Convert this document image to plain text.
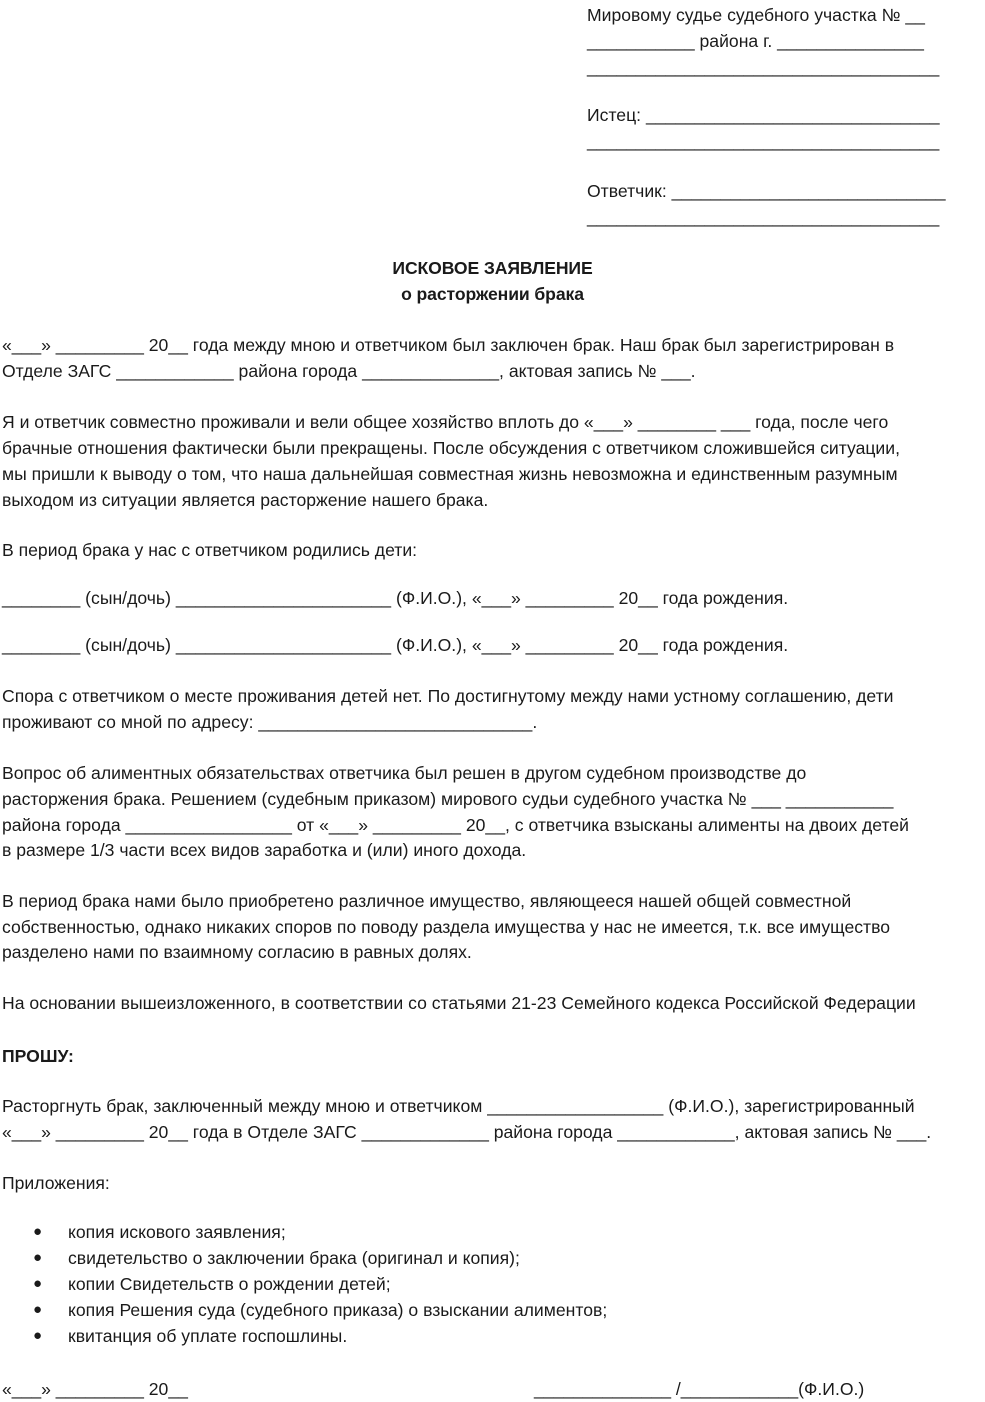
Мировому судье судебного участка № __
___________ района г. _______________
____________________________________
Истец: ______________________________
____________________________________
Ответчик: ____________________________
____________________________________
ИСКОВОЕ ЗАЯВЛЕНИЕ
о расторжении брака
«___» _________ 20__ года между мною и ответчиком был заключен брак. Наш брак был зарегистрирован в
Отделе ЗАГС ____________ района города ______________, актовая запись № ___.
Я и ответчик совместно проживали и вели общее хозяйство вплоть до «___» ________ ___ года, после чего
брачные отношения фактически были прекращены. После обсуждения с ответчиком сложившейся ситуации,
мы пришли к выводу о том, что наша дальнейшая совместная жизнь невозможна и единственным разумным
выходом из ситуации является расторжение нашего брака.
В период брака у нас с ответчиком родились дети:
________ (сын/дочь) ______________________ (Ф.И.О.), «___» _________ 20__ года рождения.
________ (сын/дочь) ______________________ (Ф.И.О.), «___» _________ 20__ года рождения.
Спора с ответчиком о месте проживания детей нет. По достигнутому между нами устному соглашению, дети
проживают со мной по адресу: ____________________________.
Вопрос об алиментных обязательствах ответчика был решен в другом судебном производстве до
расторжения брака. Решением (судебным приказом) мирового судьи судебного участка № ___ ___________
района города _________________ от «___» _________ 20__, с ответчика взысканы алименты на двоих детей
в размере 1/3 части всех видов заработка и (или) иного дохода.
В период брака нами было приобретено различное имущество, являющееся нашей общей совместной
собственностью, однако никаких споров по поводу раздела имущества у нас не имеется, т.к. все имущество
разделено нами по взаимному согласию в равных долях.
На основании вышеизложенного, в соответствии со статьями 21-23 Семейного кодекса Российской Федерации
ПРОШУ:
Расторгнуть брак, заключенный между мною и ответчиком __________________ (Ф.И.О.), зарегистрированный
«___» _________ 20__ года в Отделе ЗАГС _____________ района города ____________, актовая запись № ___.
Приложения:
● копия искового заявления;
● свидетельство о заключении брака (оригинал и копия);
● копии Свидетельств о рождении детей;
● копия Решения суда (судебного приказа) о взыскании алиментов;
● квитанция об уплате госпошлины.
«___» _________ 20__	______________ /____________(Ф.И.О.)
